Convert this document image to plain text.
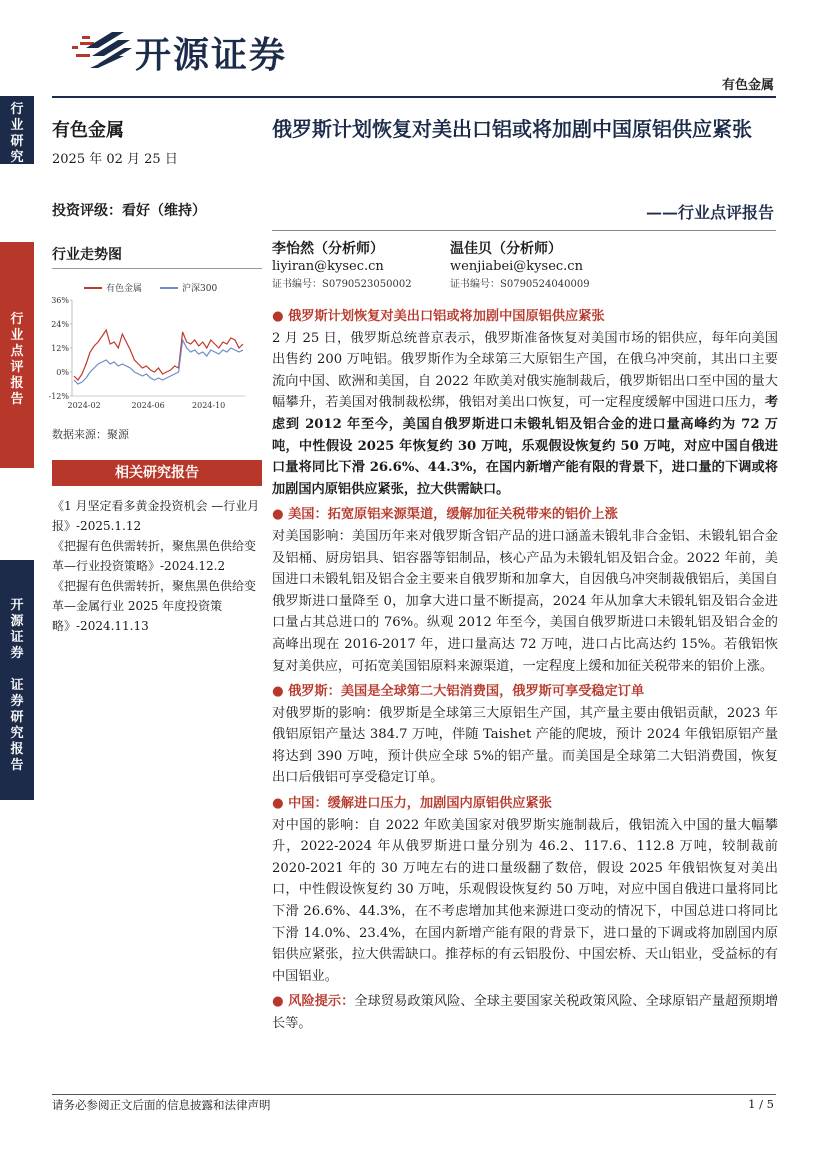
开源证券
有色金属
行
业
研
究
行
业
点
评
报
告
开
源
证
券

证
券
研
究
报
告
有色金属
2025 年 02 月 25 日
投资评级：看好（维持）
行业走势图
有色金属	沪深300
36%
24%
12%
0%
-12%
2024-02	2024-06	2024-10
数据来源：聚源
相关研究报告
《1 月坚定看多黄金投资机会 —行业月报》-2025.1.12
《把握有色供需转折，聚焦黑色供给变革—行业投资策略》-2024.12.2
《把握有色供需转折，聚焦黑色供给变革—金属行业 2025 年度投资策略》-2024.11.13
俄罗斯计划恢复对美出口铝或将加剧中国原铝供应紧张
——行业点评报告
李怡然（分析师）
liyiran@kysec.cn
证书编号：S0790523050002
温佳贝（分析师）
wenjiabei@kysec.cn
证书编号：S0790524040009

● 俄罗斯计划恢复对美出口铝或将加剧中国原铝供应紧张

2 月 25 日，俄罗斯总统普京表示，俄罗斯准备恢复对美国市场的铝供应，每年向美国出售约 200 万吨铝。俄罗斯作为全球第三大原铝生产国，在俄乌冲突前，其出口主要流向中国、欧洲和美国，自 2022 年欧美对俄实施制裁后，俄罗斯铝出口至中国的量大幅攀升，若美国对俄制裁松绑，俄铝对美出口恢复，可一定程度缓解中国进口压力，考虑到 2012 年至今，美国自俄罗斯进口未锻轧铝及铝合金的进口量高峰约为 72 万吨，中性假设 2025 年恢复约 30 万吨，乐观假设恢复约 50 万吨，对应中国自俄进口量将同比下滑 26.6%、44.3%，在国内新增产能有限的背景下，进口量的下调或将加剧国内原铝供应紧张，拉大供需缺口。

● 美国：拓宽原铝来源渠道，缓解加征关税带来的铝价上涨

对美国影响：美国历年来对俄罗斯含铝产品的进口涵盖未锻轧非合金铝、未锻轧铝合金及铝桶、厨房铝具、铝容器等铝制品，核心产品为未锻轧铝及铝合金。2022 年前，美国进口未锻轧铝及铝合金主要来自俄罗斯和加拿大，自因俄乌冲突制裁俄铝后，美国自俄罗斯进口量降至 0，加拿大进口量不断提高，2024 年从加拿大未锻轧铝及铝合金进口量占其总进口的 76%。纵观 2012 年至今，美国自俄罗斯进口未锻轧铝及铝合金的高峰出现在 2016-2017 年，进口量高达 72 万吨，进口占比高达约 15%。若俄铝恢复对美供应，可拓宽美国铝原料来源渠道，一定程度上缓和加征关税带来的铝价上涨。

● 俄罗斯：美国是全球第二大铝消费国，俄罗斯可享受稳定订单

对俄罗斯的影响：俄罗斯是全球第三大原铝生产国，其产量主要由俄铝贡献，2023 年俄铝原铝产量达 384.7 万吨，伴随 Taishet 产能的爬坡，预计 2024 年俄铝原铝产量将达到 390 万吨，预计供应全球 5%的铝产量。而美国是全球第二大铝消费国，恢复出口后俄铝可享受稳定订单。

● 中国：缓解进口压力，加剧国内原铝供应紧张

对中国的影响：自 2022 年欧美国家对俄罗斯实施制裁后，俄铝流入中国的量大幅攀升，2022-2024 年从俄罗斯进口量分别为 46.2、117.6、112.8 万吨，较制裁前 2020-2021 年的 30 万吨左右的进口量级翻了数倍，假设 2025 年俄铝恢复对美出口，中性假设恢复约 30 万吨，乐观假设恢复约 50 万吨，对应中国自俄进口量将同比下滑 26.6%、44.3%，在不考虑增加其他来源进口变动的情况下，中国总进口将同比下滑 14.0%、23.4%，在国内新增产能有限的背景下，进口量的下调或将加剧国内原铝供应紧张，拉大供需缺口。推荐标的有云铝股份、中国宏桥、天山铝业，受益标的有中国铝业。

● 风险提示：全球贸易政策风险、全球主要国家关税政策风险、全球原铝产量超预期增长等。

请务必参阅正文后面的信息披露和法律声明	1 / 5
